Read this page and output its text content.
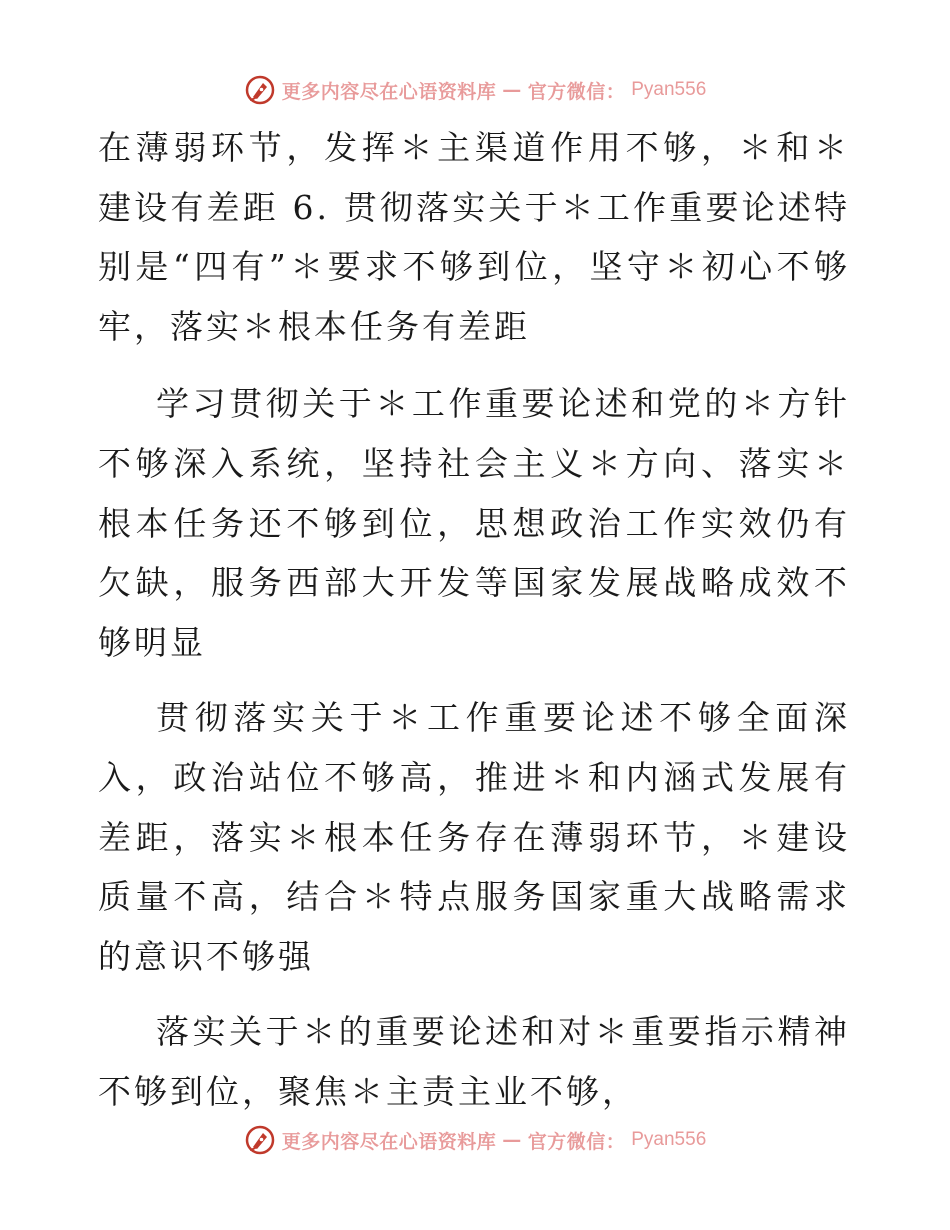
更多内容尽在心语资料库 — 官方微信： Pyan556

在薄弱环节，发挥＊主渠道作用不够，＊和＊建设有差距 6. 贯彻落实关于＊工作重要论述特别是“四有”＊要求不够到位，坚守＊初心不够牢，落实＊根本任务有差距

学习贯彻关于＊工作重要论述和党的＊方针不够深入系统，坚持社会主义＊方向、落实＊根本任务还不够到位，思想政治工作实效仍有欠缺，服务西部大开发等国家发展战略成效不够明显

贯彻落实关于＊工作重要论述不够全面深入，政治站位不够高，推进＊和内涵式发展有差距，落实＊根本任务存在薄弱环节，＊建设质量不高，结合＊特点服务国家重大战略需求的意识不够强

落实关于＊的重要论述和对＊重要指示精神不够到位，聚焦＊主责主业不够，

更多内容尽在心语资料库 — 官方微信： Pyan556
